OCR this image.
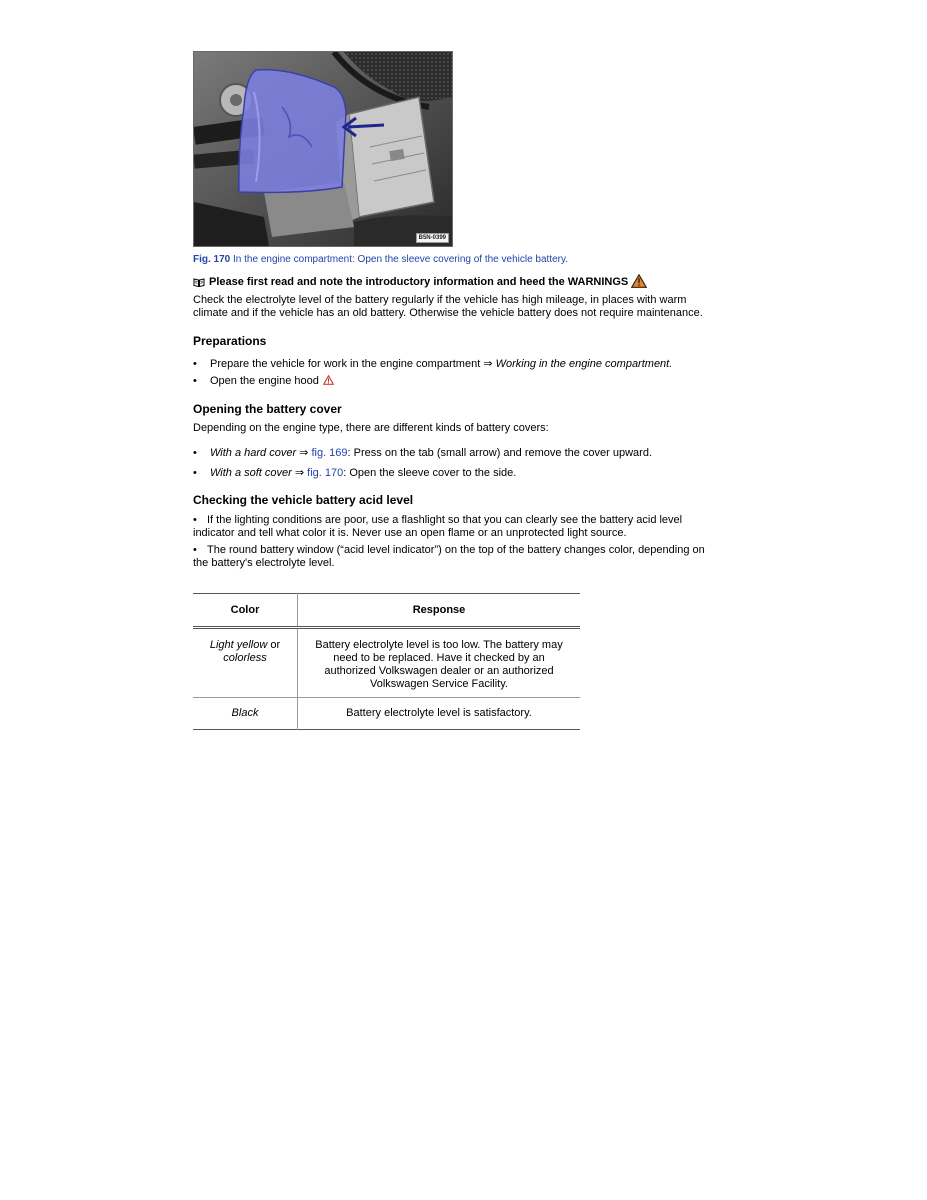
B5N-0399
Fig. 170 In the engine compartment: Open the sleeve covering of the vehicle battery.
Please first read and note the introductory information and heed the WARNINGS

Check the electrolyte level of the battery regularly if the vehicle has high mileage, in places with warm climate and if the vehicle has an old battery. Otherwise the vehicle battery does not require maintenance.

Preparations
• Prepare the vehicle for work in the engine compartment ⇒ Working in the engine compartment.
• Open the engine hood
Opening the battery cover

Depending on the engine type, there are different kinds of battery covers:

• With a hard cover ⇒ fig. 169: Press on the tab (small arrow) and remove the cover upward.
• With a soft cover ⇒ fig. 170: Open the sleeve cover to the side.
Checking the vehicle battery acid level

• If the lighting conditions are poor, use a flashlight so that you can clearly see the battery acid level indicator and tell what color it is. Never use an open flame or an unprotected light source.

• The round battery window (“acid level indicator”) on the top of the battery changes color, depending on the battery's electrolyte level.

Color	Response
Light yellow or
colorless	Battery electrolyte level is too low. The battery may need to be replaced. Have it checked by an authorized Volkswagen dealer or an authorized Volkswagen Service Facility.
Black	Battery electrolyte level is satisfactory.
